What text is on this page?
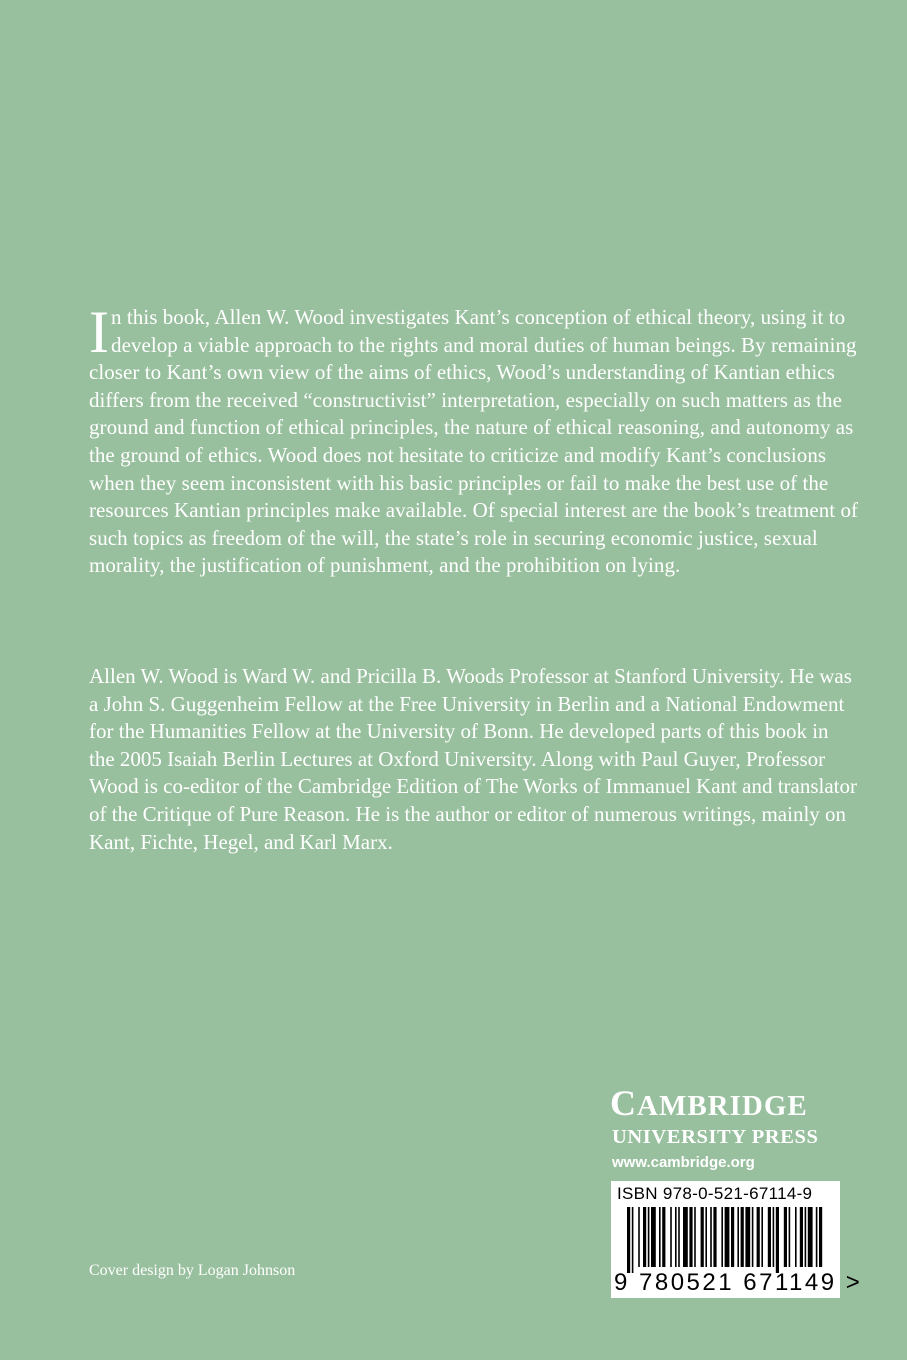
In this book, Allen W. Wood investigates Kant’s conception of ethical theory, using it to develop a viable approach to the rights and moral duties of human beings. By remaining closer to Kant’s own view of the aims of ethics, Wood’s understanding of Kantian ethics differs from the received “constructivist” interpretation, especially on such matters as the ground and function of ethical principles, the nature of ethical reasoning, and autonomy as the ground of ethics. Wood does not hesitate to criticize and modify Kant’s conclusions when they seem inconsistent with his basic principles or fail to make the best use of the resources Kantian principles make available. Of special interest are the book’s treatment of such topics as freedom of the will, the state’s role in securing economic justice, sexual morality, the justification of punishment, and the prohibition on lying.

Allen W. Wood is Ward W. and Pricilla B. Woods Professor at Stanford University. He was a John S. Guggenheim Fellow at the Free University in Berlin and a National Endowment for the Humanities Fellow at the University of Bonn. He developed parts of this book in the 2005 Isaiah Berlin Lectures at Oxford University. Along with Paul Guyer, Professor Wood is co-editor of the Cambridge Edition of The Works of Immanuel Kant and translator of the Critique of Pure Reason. He is the author or editor of numerous writings, mainly on Kant, Fichte, Hegel, and Karl Marx.

CAMBRIDGE
UNIVERSITY PRESS
www.cambridge.org
ISBN 978-0-521-67114-9
9 780521 671149 >

Cover design by Logan Johnson
